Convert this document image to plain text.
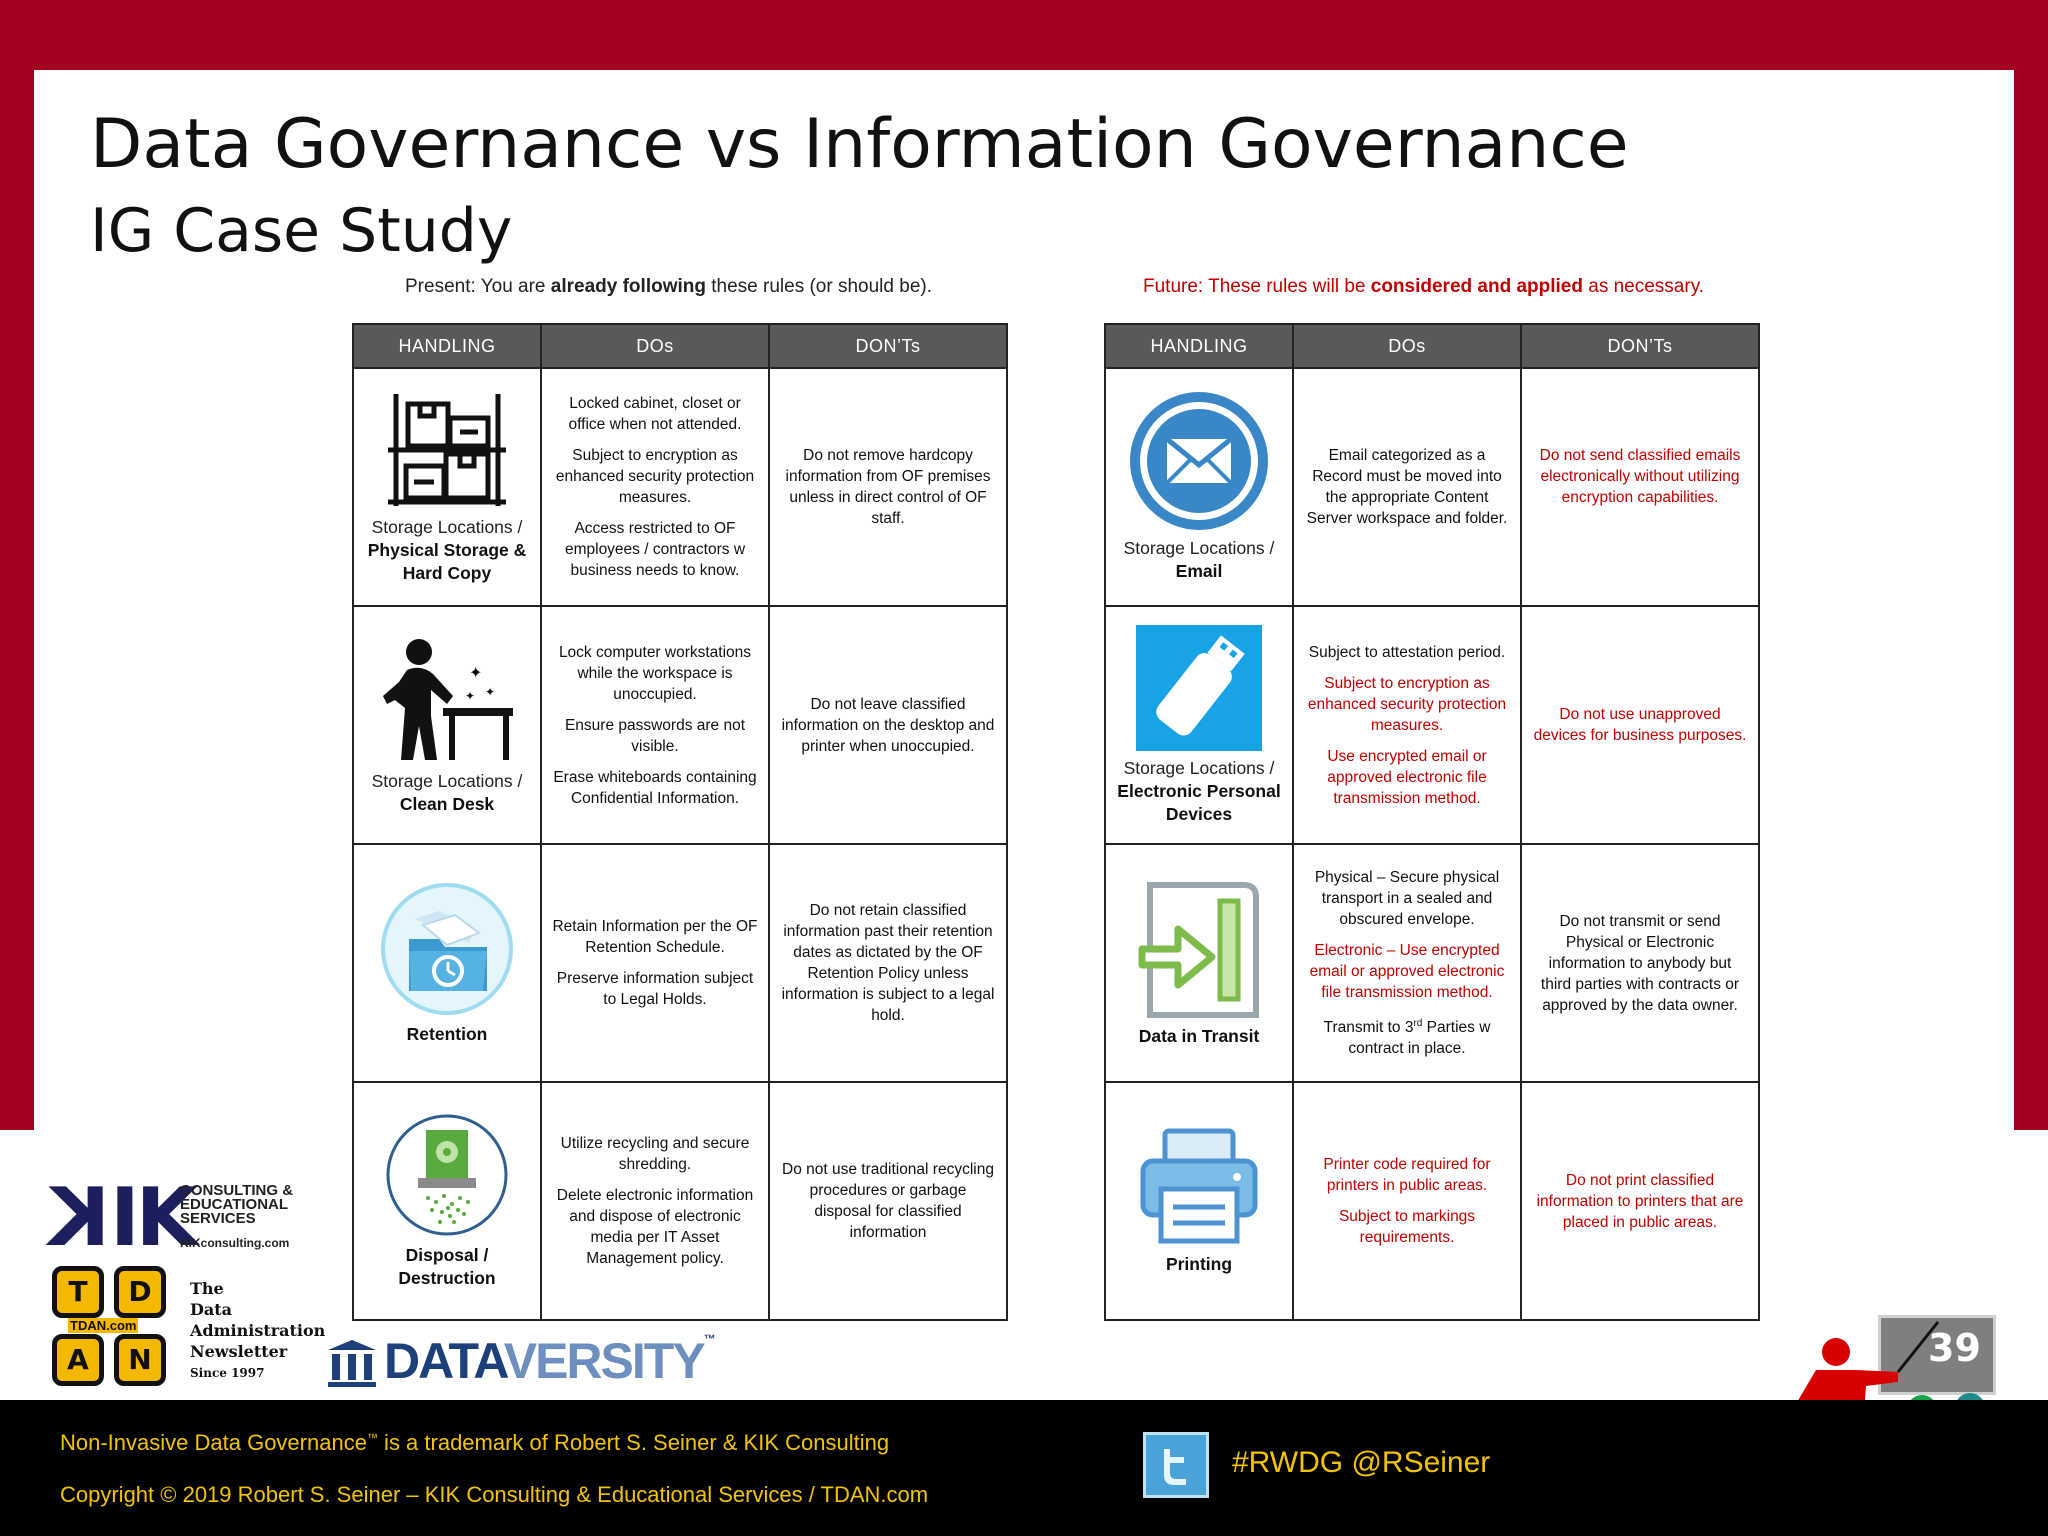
Data Governance vs Information Governance
IG Case Study
Present: You are already following these rules (or should be).	Future: These rules will be considered and applied as necessary.
HANDLING	DOs	DON’Ts

Storage Locations /
Physical Storage & Hard Copy	Locked cabinet, closet or office when not attended.
Subject to encryption as enhanced security protection measures.
Access restricted to OF employees / contractors w business needs to know.	Do not remove hardcopy information from OF premises unless in direct control of OF staff.

✦
✦
✦
Storage Locations /
Clean Desk	Lock computer workstations while the workspace is unoccupied.
Ensure passwords are not visible.
Erase whiteboards containing Confidential Information.	Do not leave classified information on the desktop and printer when unoccupied.

Retention	Retain Information per the OF Retention Schedule.
Preserve information subject to Legal Holds.	Do not retain classified information past their retention dates as dictated by the OF Retention Policy unless information is subject to a legal hold.

Disposal / Destruction	Utilize recycling and secure shredding.
Delete electronic information and dispose of electronic media per IT Asset Management policy.	Do not use traditional recycling procedures or garbage disposal for classified information
HANDLING	DOs	DON’Ts

Storage Locations /
Email	Email categorized as a Record must be moved into the appropriate Content Server workspace and folder.	Do not send classified emails electronically without utilizing encryption capabilities.

Storage Locations /
Electronic Personal Devices	Subject to attestation period.
Subject to encryption as enhanced security protection measures.
Use encrypted email or approved electronic file transmission method.	Do not use unapproved devices for business purposes.

Data in Transit	Physical – Secure physical transport in a sealed and obscured envelope.
Electronic – Use encrypted email or approved electronic file transmission method.
Transmit to 3rd Parties w contract in place.	Do not transmit or send Physical or Electronic information to anybody but third parties with contracts or approved by the data owner.

Printing	Printer code required for printers in public areas.
Subject to markings requirements.	Do not print classified information to printers that are placed in public areas.
KIK
CONSULTING & EDUCATIONAL SERVICES
KIKconsulting.com
T	D
A	N
TDAN.com
The
Data
Administration
Newsletter
Since 1997 DATAVERSITY™	39
Non-Invasive Data Governance™ is a trademark of Robert S. Seiner & KIK Consulting
Copyright © 2019 Robert S. Seiner – KIK Consulting & Educational Services / TDAN.com
#RWDG @RSeiner
